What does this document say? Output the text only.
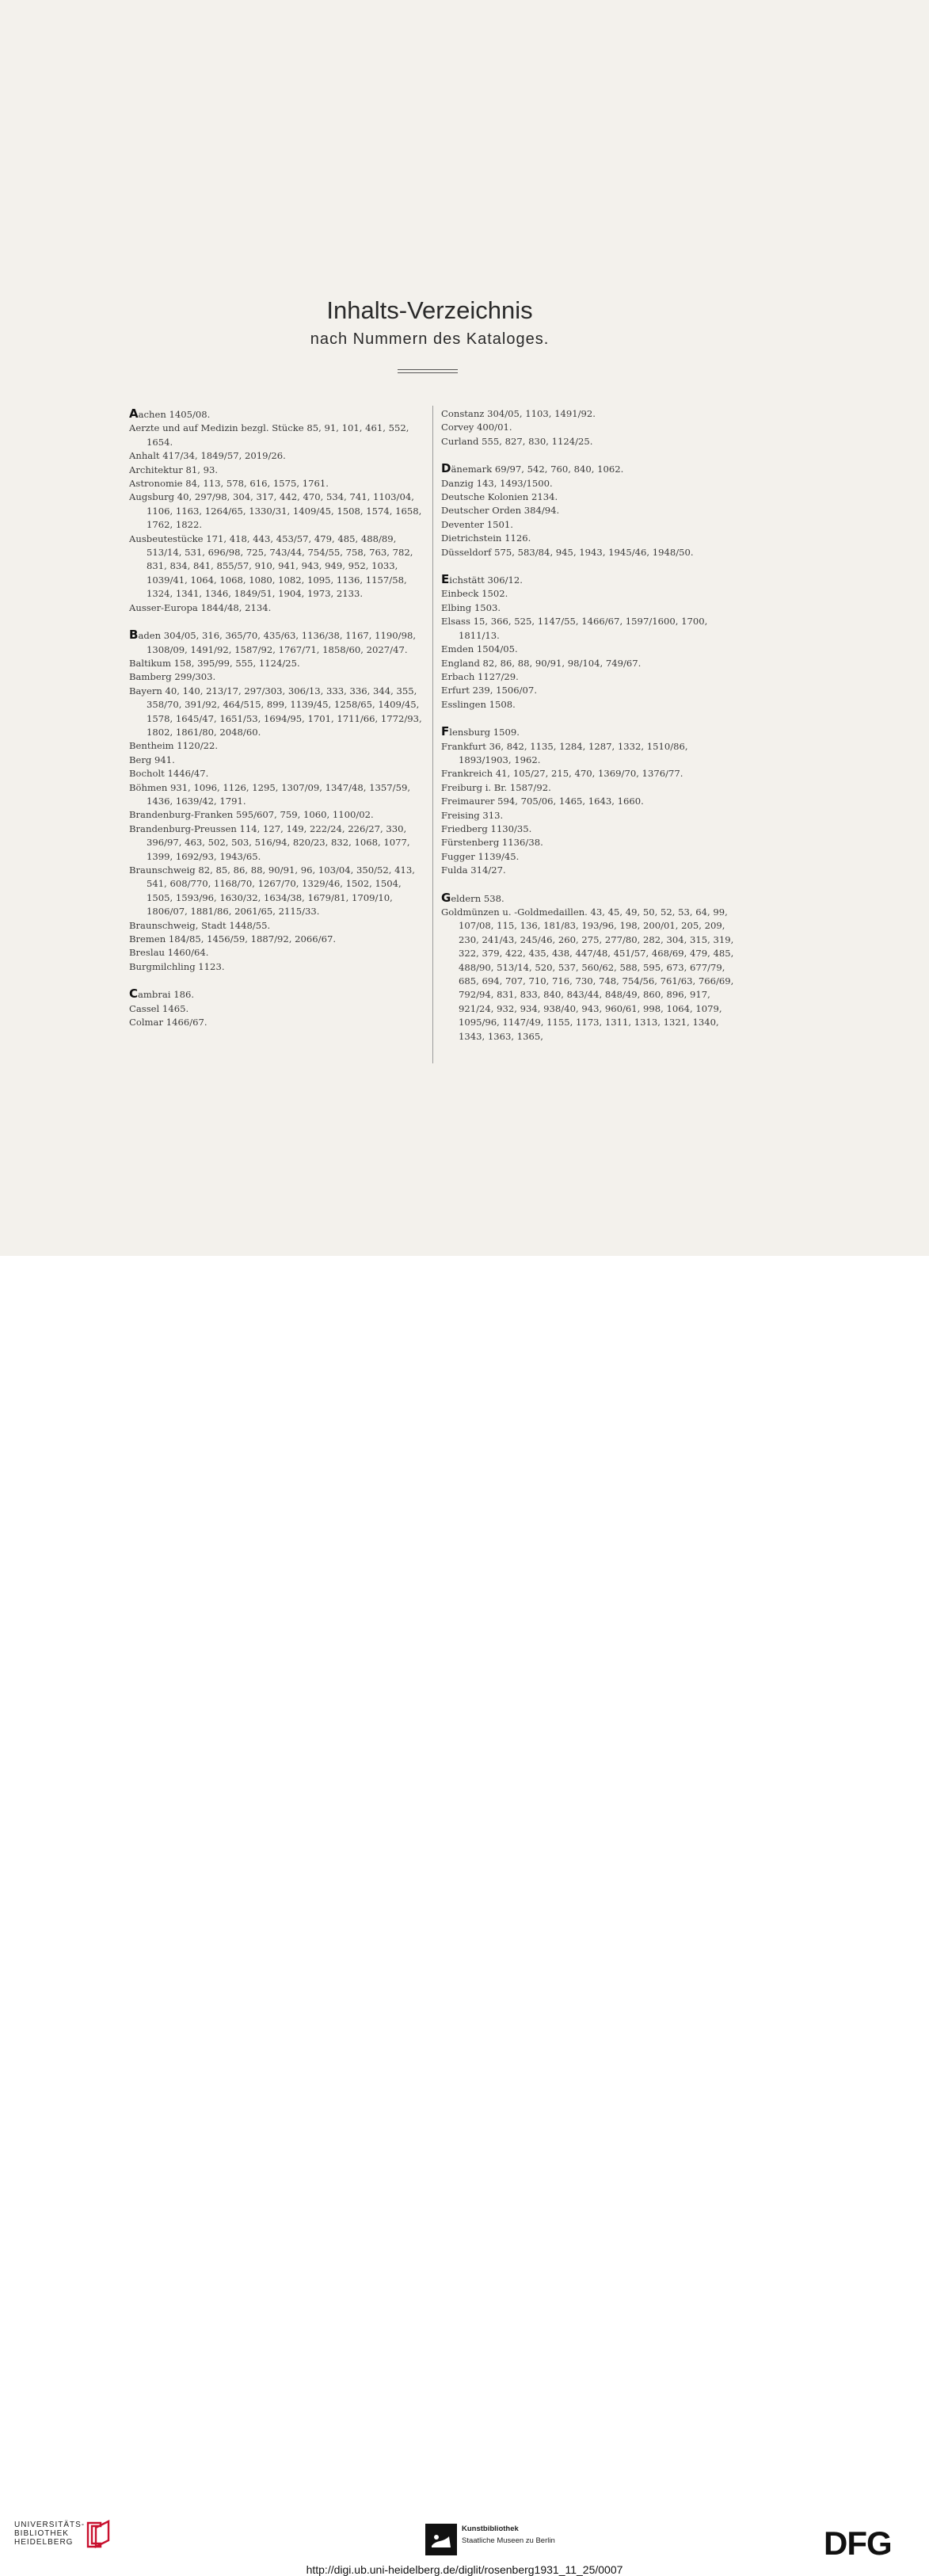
Inhalts-Verzeichnis
nach Nummern des Kataloges.

Aachen 1405/08.

Aerzte und auf Medizin bezgl. Stücke 85, 91, 101, 461, 552, 1654.

Anhalt 417/34, 1849/57, 2019/26.

Architektur 81, 93.

Astronomie 84, 113, 578, 616, 1575, 1761.

Augsburg 40, 297/98, 304, 317, 442, 470, 534, 741, 1103/04, 1106, 1163, 1264/65, 1330/31, 1409/45, 1508, 1574, 1658, 1762, 1822.

Ausbeutestücke 171, 418, 443, 453/57, 479, 485, 488/89, 513/14, 531, 696/98, 725, 743/44, 754/55, 758, 763, 782, 831, 834, 841, 855/57, 910, 941, 943, 949, 952, 1033, 1039/41, 1064, 1068, 1080, 1082, 1095, 1136, 1157/58, 1324, 1341, 1346, 1849/51, 1904, 1973, 2133.

Ausser-Europa 1844/48, 2134.

Baden 304/05, 316, 365/70, 435/63, 1136/38, 1167, 1190/98, 1308/09, 1491/92, 1587/92, 1767/71, 1858/60, 2027/47.

Baltikum 158, 395/99, 555, 1124/25.

Bamberg 299/303.

Bayern 40, 140, 213/17, 297/303, 306/13, 333, 336, 344, 355, 358/70, 391/92, 464/515, 899, 1139/45, 1258/65, 1409/45, 1578, 1645/47, 1651/53, 1694/95, 1701, 1711/66, 1772/93, 1802, 1861/80, 2048/60.

Bentheim 1120/22.

Berg 941.

Bocholt 1446/47.

Böhmen 931, 1096, 1126, 1295, 1307/09, 1347/48, 1357/59, 1436, 1639/42, 1791.

Brandenburg-Franken 595/607, 759, 1060, 1100/02.

Brandenburg-Preussen 114, 127, 149, 222/24, 226/27, 330, 396/97, 463, 502, 503, 516/94, 820/23, 832, 1068, 1077, 1399, 1692/93, 1943/65.

Braunschweig 82, 85, 86, 88, 90/91, 96, 103/04, 350/52, 413, 541, 608/770, 1168/70, 1267/70, 1329/46, 1502, 1504, 1505, 1593/96, 1630/32, 1634/38, 1679/81, 1709/10, 1806/07, 1881/86, 2061/65, 2115/33.

Braunschweig, Stadt 1448/55.

Bremen 184/85, 1456/59, 1887/92, 2066/67.

Breslau 1460/64.

Burgmilchling 1123.

Cambrai 186.

Cassel 1465.

Colmar 1466/67.

Constanz 304/05, 1103, 1491/92.

Corvey 400/01.

Curland 555, 827, 830, 1124/25.

Dänemark 69/97, 542, 760, 840, 1062.

Danzig 143, 1493/1500.

Deutsche Kolonien 2134.

Deutscher Orden 384/94.

Deventer 1501.

Dietrichstein 1126.

Düsseldorf 575, 583/84, 945, 1943, 1945/46, 1948/50.

Eichstätt 306/12.

Einbeck 1502.

Elbing 1503.

Elsass 15, 366, 525, 1147/55, 1466/67, 1597/1600, 1700, 1811/13.

Emden 1504/05.

England 82, 86, 88, 90/91, 98/104, 749/67.

Erbach 1127/29.

Erfurt 239, 1506/07.

Esslingen 1508.

Flensburg 1509.

Frankfurt 36, 842, 1135, 1284, 1287, 1332, 1510/86, 1893/1903, 1962.

Frankreich 41, 105/27, 215, 470, 1369/70, 1376/77.

Freiburg i. Br. 1587/92.

Freimaurer 594, 705/06, 1465, 1643, 1660.

Freising 313.

Friedberg 1130/35.

Fürstenberg 1136/38.

Fugger 1139/45.

Fulda 314/27.

Geldern 538.

Goldmünzen u. -Goldmedaillen. 43, 45, 49, 50, 52, 53, 64, 99, 107/08, 115, 136, 181/83, 193/96, 198, 200/01, 205, 209, 230, 241/43, 245/46, 260, 275, 277/80, 282, 304, 315, 319, 322, 379, 422, 435, 438, 447/48, 451/57, 468/69, 479, 485, 488/90, 513/14, 520, 537, 560/62, 588, 595, 673, 677/79, 685, 694, 707, 710, 716, 730, 748, 754/56, 761/63, 766/69, 792/94, 831, 833, 840, 843/44, 848/49, 860, 896, 917, 921/24, 932, 934, 938/40, 943, 960/61, 998, 1064, 1079, 1095/96, 1147/49, 1155, 1173, 1311, 1313, 1321, 1340, 1343, 1363, 1365,

UNIVERSITÄTS-
BIBLIOTHEK
HEIDELBERG
Kunstbibliothek
Staatliche Museen zu Berlin	DFG
http://digi.ub.uni-heidelberg.de/diglit/rosenberg1931_11_25/0007
